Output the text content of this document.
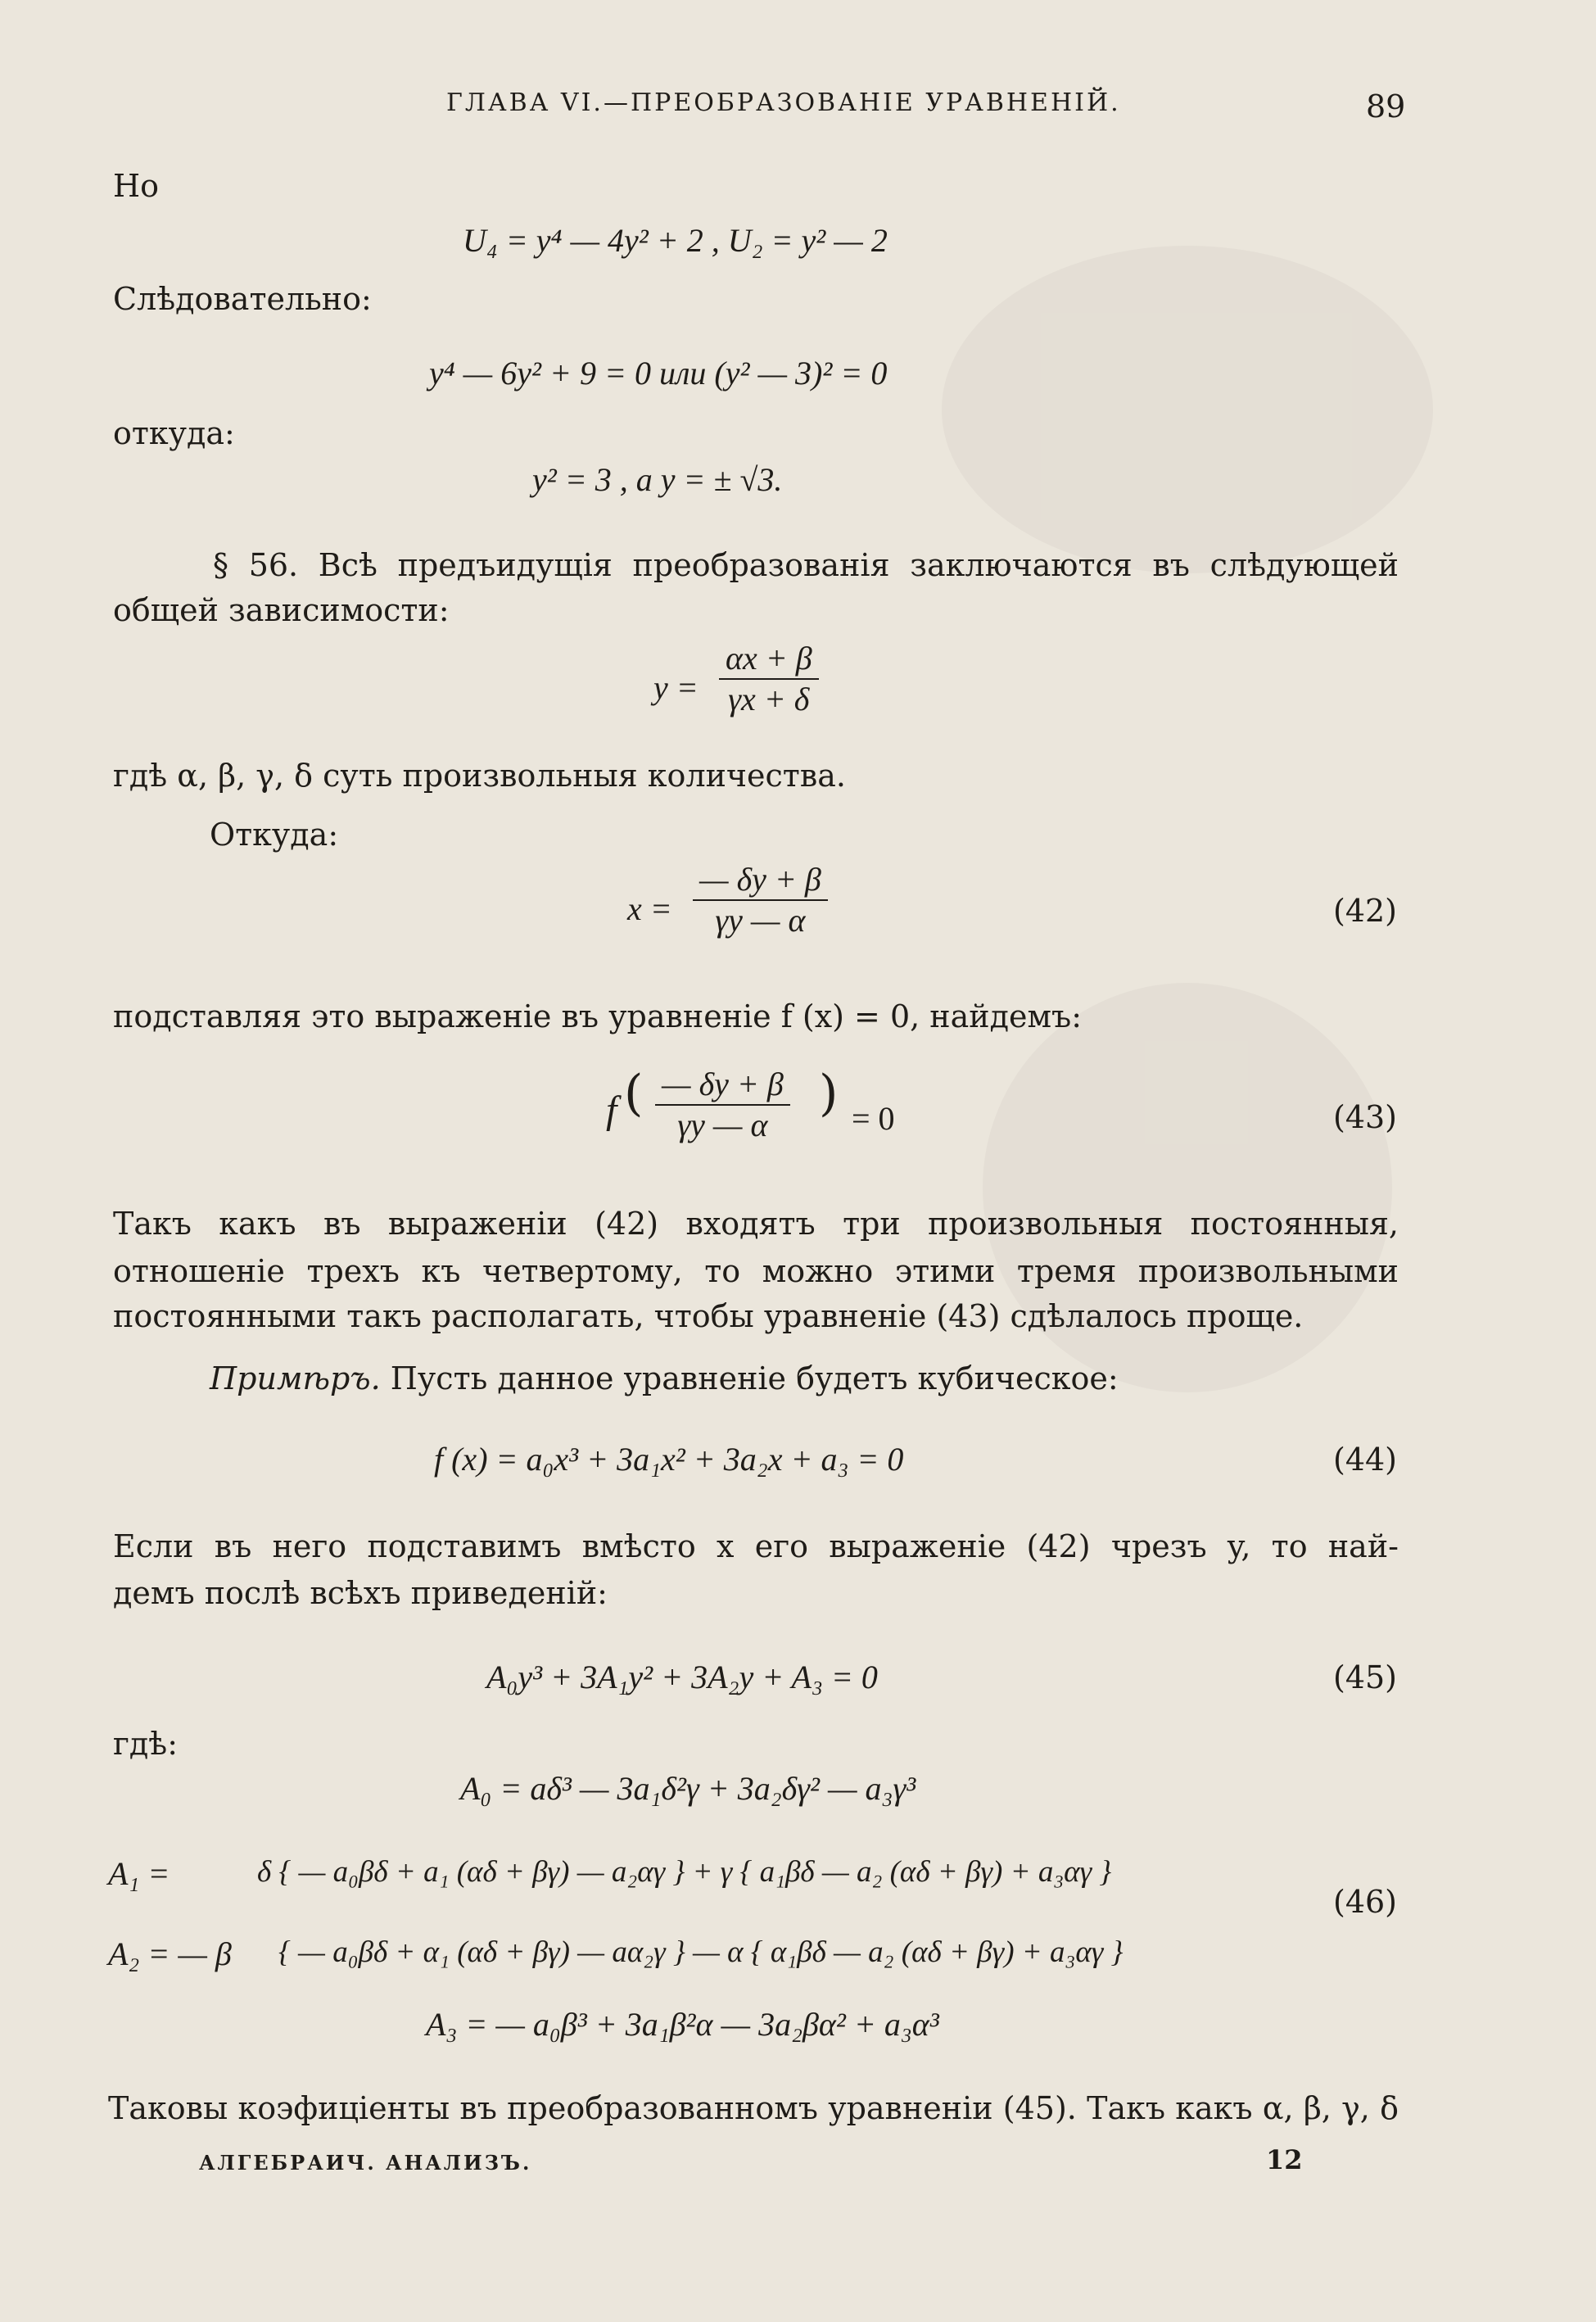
ГЛАВА VI.—ПРЕОБРАЗОВАНІЕ УРАВНЕНІЙ.	89
Но
U₄ = y⁴ — 4y² + 2 , U₂ = y² — 2
Слѣдовательно:
y⁴ — 6y² + 9 = 0 или (y² — 3)² = 0
откуда:
y² = 3 , а y = ± √3.
§ 56. Всѣ предъидущія преобразованія заключаются въ слѣдующей
общей зависимости:
$y = \frac{\alpha x + \beta}{\gamma x + \delta}$
гдѣ α, β, γ, δ суть произвольныя количества.
Откуда:
$x = \frac{— \delta y + \beta}{\gamma y — \alpha}$	(42)
подставляя это выраженіе въ уравненіе f (x) = 0, найдемъ:
f ( $\frac{— \delta y + \beta}{\gamma y — \alpha}$ ) = 0	(43)
Такъ какъ въ выраженіи (42) входятъ три произвольныя постоянныя,
отношеніе трехъ къ четвертому, то можно этими тремя произвольными
постоянными такъ располагать, чтобы уравненіе (43) сдѣлалось проще.
Примѣръ. Пусть данное уравненіе будетъ кубическое:
f (x) = a₀x³ + 3a₁x² + 3a₂x + a₃ = 0	(44)
Если въ него подставимъ вмѣсто x его выраженіе (42) чрезъ y, то най-
демъ послѣ всѣхъ приведеній:
A₀y³ + 3A₁y² + 3A₂y + A₃ = 0	(45)
гдѣ:
A₀ = aδ³ — 3a₁δ²γ + 3a₂δγ² — a₃γ³
A₁ =	δ { — a₀βδ + a₁ (αδ + βγ) — a₂αγ } + γ { a₁βδ — a₂ (αδ + βγ) + a₃αγ }
(46)
A₂ = — β { — a₀βδ + α₁ (αδ + βγ) — aα₂γ } — α { α₁βδ — a₂ (αδ + βγ) + a₃αγ }
A₃ = — a₀β³ + 3a₁β²α — 3a₂βα² + a₃α³
Таковы коэфиціенты въ преобразованномъ уравненіи (45). Такъ какъ α, β, γ, δ
АЛГЕБРАИЧ. АНАЛИЗЪ.	12
